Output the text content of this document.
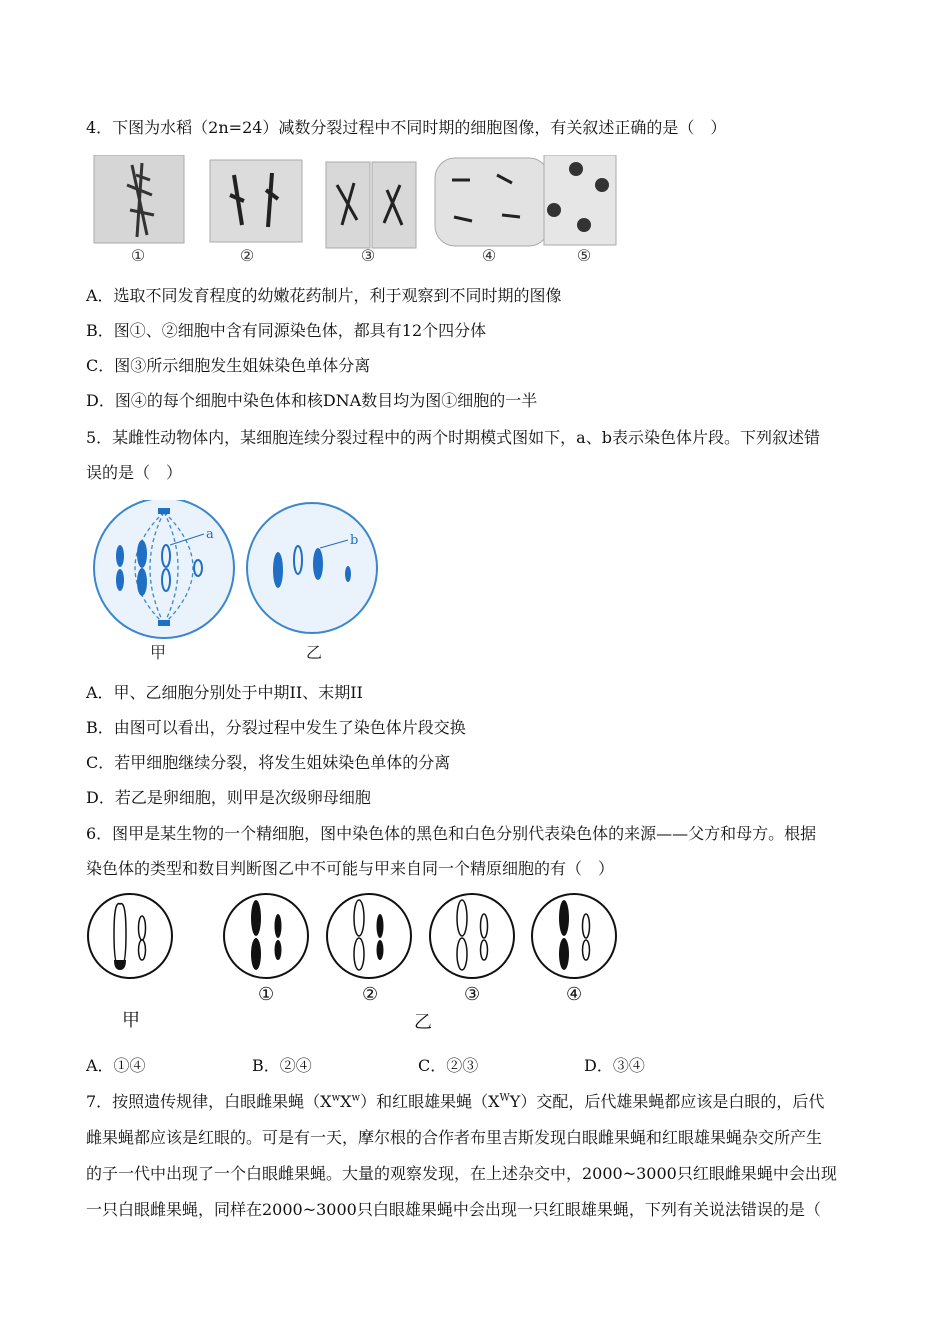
4．下图为水稻（2n=24）减数分裂过程中不同时期的细胞图像，有关叙述正确的是（　）
①	②	③	④	⑤
A．选取不同发育程度的幼嫩花药制片，利于观察到不同时期的图像
B．图①、②细胞中含有同源染色体，都具有12个四分体
C．图③所示细胞发生姐妹染色单体分离
D．图④的每个细胞中染色体和核DNA数目均为图①细胞的一半
5．某雌性动物体内，某细胞连续分裂过程中的两个时期模式图如下，a、b表示染色体片段。下列叙述错
误的是（　）
a
甲
b
乙
A．甲、乙细胞分别处于中期II、末期II
B．由图可以看出，分裂过程中发生了染色体片段交换
C．若甲细胞继续分裂，将发生姐妹染色单体的分离
D．若乙是卵细胞，则甲是次级卵母细胞
6．图甲是某生物的一个精细胞，图中染色体的黑色和白色分别代表染色体的来源——父方和母方。根据
染色体的类型和数目判断图乙中不可能与甲来自同一个精原细胞的有（　）
甲
①	②	③	④
乙
A．①④	B．②④	C．②③	D．③④
7．按照遗传规律，白眼雌果蝇$(X^wX^w)$和红眼雄果蝇$(X^WY)$交配，后代雄果蝇都应该是白眼的，后代
雌果蝇都应该是红眼的。可是有一天，摩尔根的合作者布里吉斯发现白眼雌果蝇和红眼雄果蝇杂交所产生
的子一代中出现了一个白眼雌果蝇。大量的观察发现，在上述杂交中，2000~3000只红眼雌果蝇中会出现
一只白眼雌果蝇，同样在2000~3000只白眼雄果蝇中会出现一只红眼雄果蝇，下列有关说法错误的是（
